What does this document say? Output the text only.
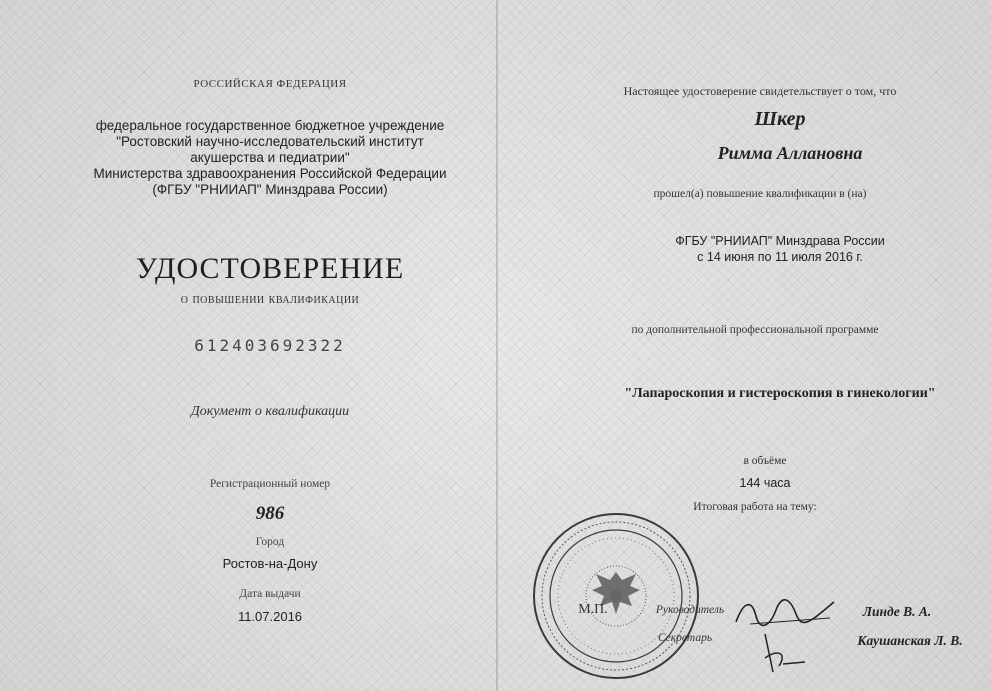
РОССИЙСКАЯ ФЕДЕРАЦИЯ
федеральное государственное бюджетное учреждение
"Ростовский научно-исследовательский институт
акушерства и педиатрии"
Министерства здравоохранения Российской Федерации
(ФГБУ "РНИИАП" Минздрава России)
УДОСТОВЕРЕНИЕ
о повышении квалификации
612403692322
Документ о квалификации
Регистрационный номер
986
Город
Ростов-на-Дону
Дата выдачи
11.07.2016
Настоящее удостоверение свидетельствует о том, что
Шкер
Римма Аллановна
прошел(а) повышение квалификации в (на)
ФГБУ "РНИИАП" Минздрава России
с 14 июня по 11 июля 2016 г.
по дополнительной профессиональной программе
"Лапароскопия и гистероскопия в гинекологии"
в объёме
144 часа
Итоговая работа на тему:
М.П.	Руководитель	Линде В. А.
Секретарь	Каушанская Л. В.
